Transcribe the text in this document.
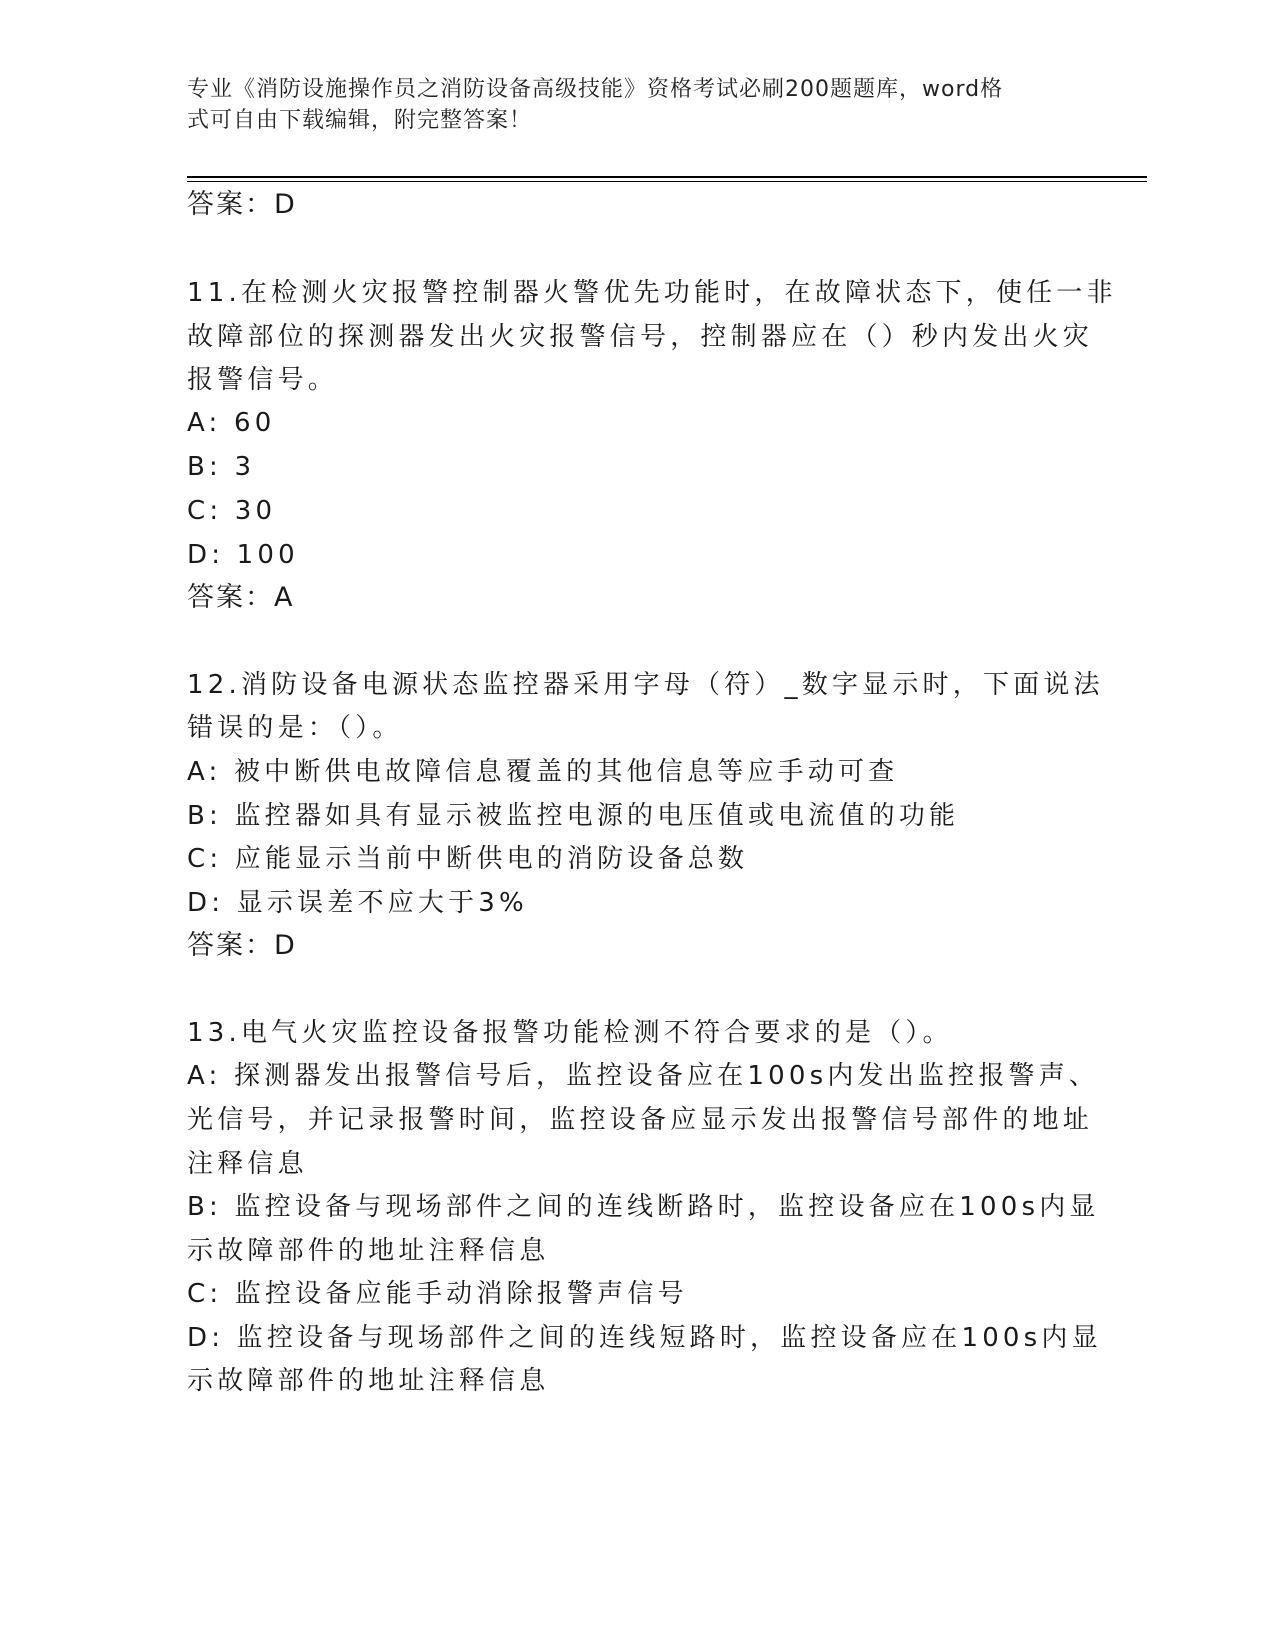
专业《消防设施操作员之消防设备高级技能》资格考试必刷200题题库，word格
式可自由下载编辑，附完整答案！
答案：D
11.在检测火灾报警控制器火警优先功能时，在故障状态下，使任一非
故障部位的探测器发出火灾报警信号，控制器应在（）秒内发出火灾
报警信号。
A: 60
B: 3
C: 30
D: 100
答案：A
12.消防设备电源状态监控器采用字母（符）_数字显示时，下面说法
错误的是：（）。
A: 被中断供电故障信息覆盖的其他信息等应手动可查
B: 监控器如具有显示被监控电源的电压值或电流值的功能
C: 应能显示当前中断供电的消防设备总数
D: 显示误差不应大于3%
答案：D
13.电气火灾监控设备报警功能检测不符合要求的是（）。
A: 探测器发出报警信号后，监控设备应在100s内发出监控报警声、
光信号，并记录报警时间，监控设备应显示发出报警信号部件的地址
注释信息
B: 监控设备与现场部件之间的连线断路时，监控设备应在100s内显
示故障部件的地址注释信息
C: 监控设备应能手动消除报警声信号
D: 监控设备与现场部件之间的连线短路时，监控设备应在100s内显
示故障部件的地址注释信息
